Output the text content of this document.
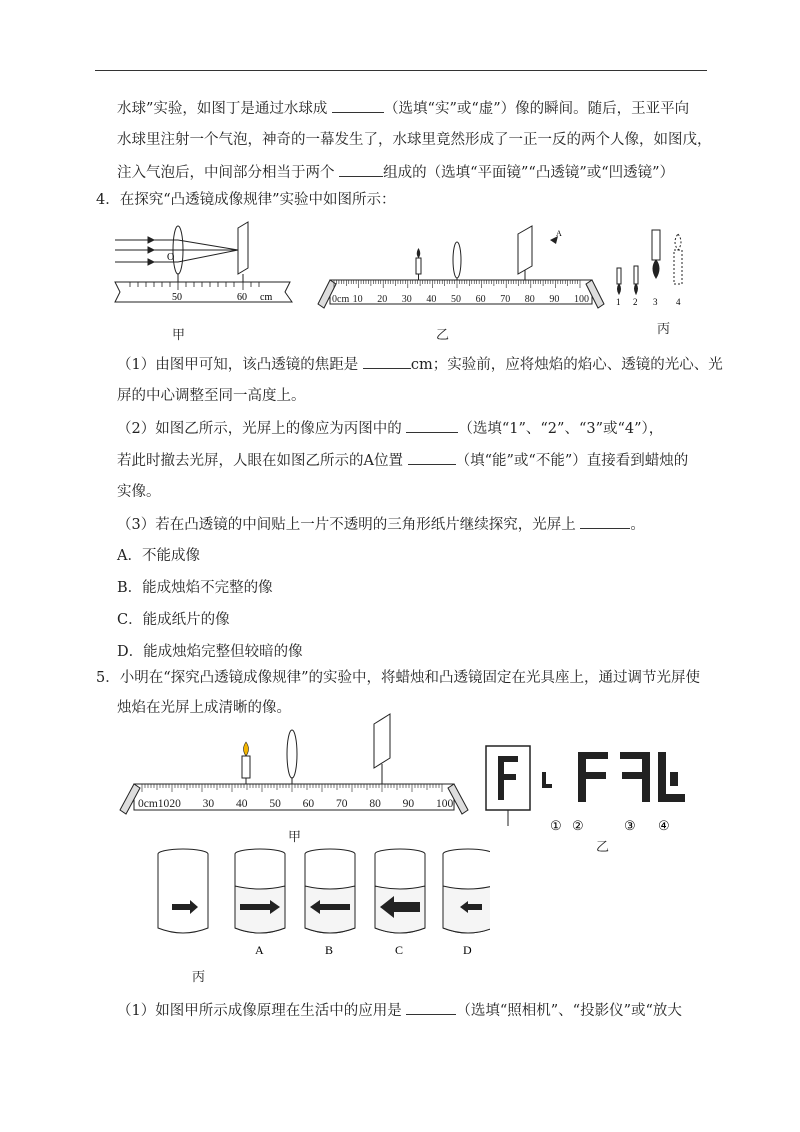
水球”实验，如图丁是通过水球成	（选填“实”或“虚”）像的瞬间。随后，王亚平向
水球里注射一个气泡，神奇的一幕发生了，水球里竟然形成了一正一反的两个人像，如图戊，
注入气泡后，中间部分相当于两个	组成的（选填“平面镜”“凸透镜”或“凹透镜”）
4．在探究“凸透镜成像规律”实验中如图所示：
O
50	60 cm
甲
A
0cm 10 20 30 40 50 60 70 80 90 100
乙
1 2 3 4
丙
（1）由图甲可知，该凸透镜的焦距是	cm；实验前，应将烛焰的焰心、透镜的光心、光
屏的中心调整至同一高度上。
（2）如图乙所示，光屏上的像应为丙图中的	（选填“1”、“2”、“3”或“4”），
若此时撤去光屏，人眼在如图乙所示的A位置	（填“能”或“不能”）直接看到蜡烛的
实像。
（3）若在凸透镜的中间贴上一片不透明的三角形纸片继续探究，光屏上	。
A．不能成像
B．能成烛焰不完整的像
C．能成纸片的像
D．能成烛焰完整但较暗的像
5．小明在“探究凸透镜成像规律”的实验中，将蜡烛和凸透镜固定在光具座上，通过调节光屏使
烛焰在光屏上成清晰的像。
0cm10 20 30 40 50 60 70 80 90 100
甲
① ②	③ ④
乙
A	B	C	D
丙
（1）如图甲所示成像原理在生活中的应用是	（选填“照相机”、“投影仪”或“放大
